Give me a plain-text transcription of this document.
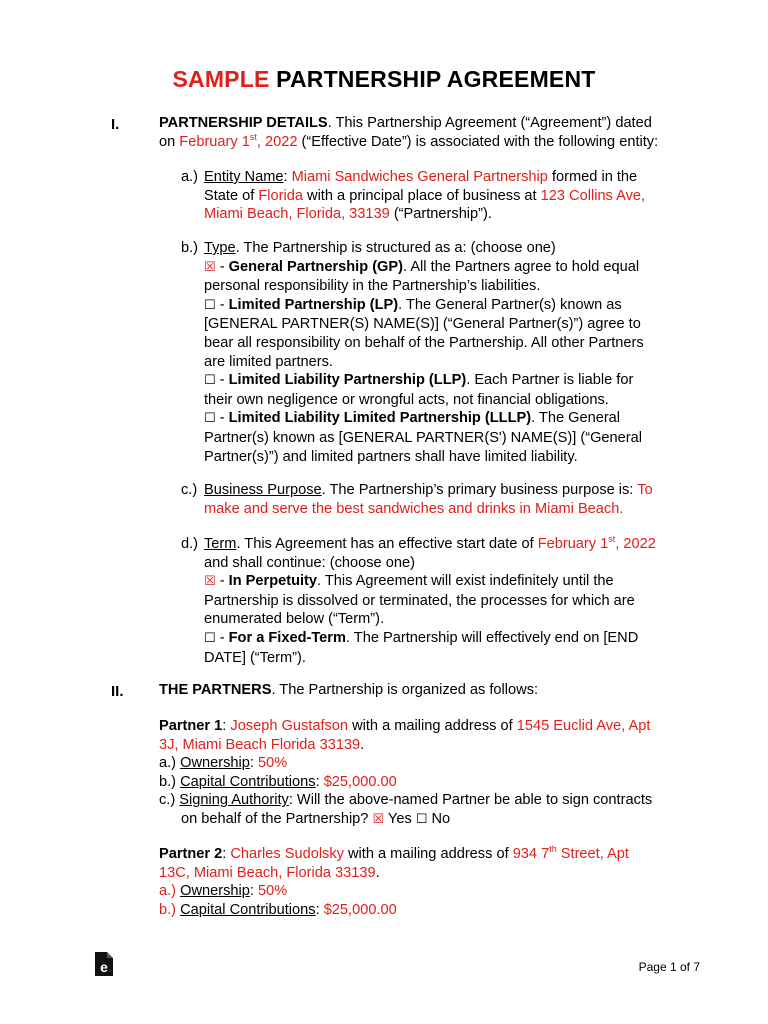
SAMPLE PARTNERSHIP AGREEMENT
I.	PARTNERSHIP DETAILS. This Partnership Agreement (“Agreement”) dated
on February 1st, 2022 (“Effective Date”) is associated with the following entity:
a.) Entity Name: Miami Sandwiches General Partnership formed in the
State of Florida with a principal place of business at 123 Collins Ave,
Miami Beach, Florida, 33139 (“Partnership”).
b.) Type. The Partnership is structured as a: (choose one)
☒ - General Partnership (GP). All the Partners agree to hold equal
personal responsibility in the Partnership’s liabilities.
☐ - Limited Partnership (LP). The General Partner(s) known as
[GENERAL PARTNER(S) NAME(S)] (“General Partner(s)”) agree to
bear all responsibility on behalf of the Partnership. All other Partners
are limited partners.
☐ - Limited Liability Partnership (LLP). Each Partner is liable for
their own negligence or wrongful acts, not financial obligations.
☐ - Limited Liability Limited Partnership (LLLP). The General
Partner(s) known as [GENERAL PARTNER(S') NAME(S)] (“General
Partner(s)”) and limited partners shall have limited liability.
c.) Business Purpose. The Partnership’s primary business purpose is: To
make and serve the best sandwiches and drinks in Miami Beach.
d.) Term. This Agreement has an effective start date of February 1st, 2022
and shall continue: (choose one)
☒ - In Perpetuity. This Agreement will exist indefinitely until the
Partnership is dissolved or terminated, the processes for which are
enumerated below (“Term”).
☐ - For a Fixed-Term. The Partnership will effectively end on [END
DATE] (“Term”).
II. THE PARTNERS. The Partnership is organized as follows:
Partner 1: Joseph Gustafson with a mailing address of 1545 Euclid Ave, Apt
3J, Miami Beach Florida 33139.
a.) Ownership: 50%
b.) Capital Contributions: $25,000.00
c.) Signing Authority: Will the above-named Partner be able to sign contracts
on behalf of the Partnership? ☒ Yes ☐ No
Partner 2: Charles Sudolsky with a mailing address of 934 7th Street, Apt
13C, Miami Beach, Florida 33139.
a.) Ownership: 50%
b.) Capital Contributions: $25,000.00
e	Page 1 of 7
